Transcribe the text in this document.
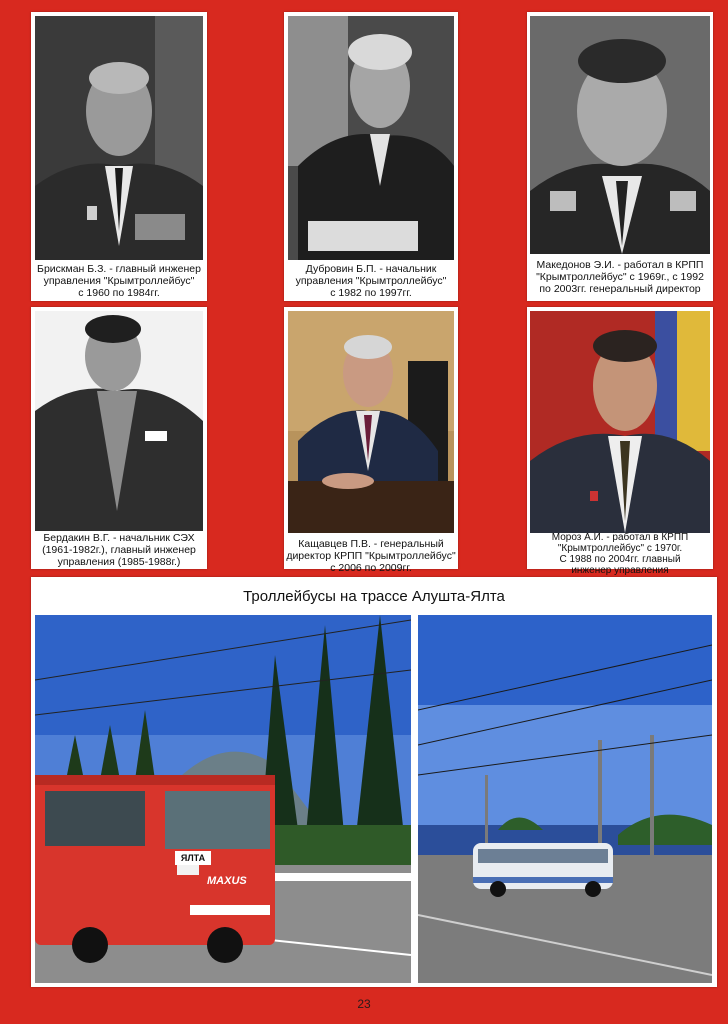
Брискман Б.З. - главный инженер
управления "Крымтроллейбус"
с 1960 по 1984гг.
Дубровин Б.П. - начальник
управления "Крымтроллейбус"
с 1982 по 1997гг.
Македонов Э.И. - работал в КРПП
"Крымтроллейбус" с 1969г., с 1992
по 2003гг. генеральный директор
Бердакин В.Г. - начальник СЭХ
(1961-1982г.), главный инженер
управления (1985-1988г.)
Кащавцев П.В. - генеральный
директор КРПП "Крымтроллейбус"
с 2006 по 2009гг.
Мороз А.И. - работал в КРПП
"Крымтроллейбус" с 1970г.
С 1988 по 2004гг. главный
инженер управления
Троллейбусы на трассе Алушта-Ялта
ЯЛТА
MAXUS
23
